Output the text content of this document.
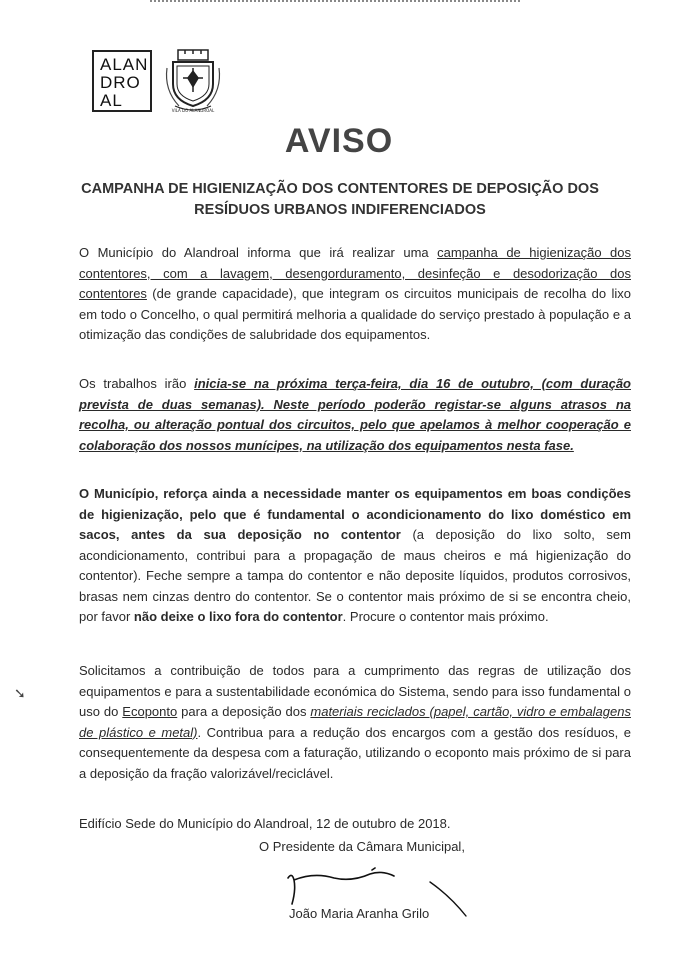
ALAN
DRO
AL
VILA DO ALANDROAL
AVISO
CAMPANHA DE HIGIENIZAÇÃO DOS CONTENTORES DE DEPOSIÇÃO DOS RESÍDUOS URBANOS INDIFERENCIADOS
O Município do Alandroal informa que irá realizar uma campanha de higienização dos contentores, com a lavagem, desengorduramento, desinfeção e desodorização dos contentores (de grande capacidade), que integram os circuitos municipais de recolha do lixo em todo o Concelho, o qual permitirá melhoria a qualidade do serviço prestado à população e a otimização das condições de salubridade dos equipamentos.
Os trabalhos irão inicia-se na próxima terça-feira, dia 16 de outubro, (com duração prevista de duas semanas). Neste período poderão registar-se alguns atrasos na recolha, ou alteração pontual dos circuitos, pelo que apelamos à melhor cooperação e colaboração dos nossos munícipes, na utilização dos equipamentos nesta fase.
O Município, reforça ainda a necessidade manter os equipamentos em boas condições de higienização, pelo que é fundamental o acondicionamento do lixo doméstico em sacos, antes da sua deposição no contentor (a deposição do lixo solto, sem acondicionamento, contribui para a propagação de maus cheiros e má higienização do contentor). Feche sempre a tampa do contentor e não deposite líquidos, produtos corrosivos, brasas nem cinzas dentro do contentor. Se o contentor mais próximo de si se encontra cheio, por favor não deixe o lixo fora do contentor. Procure o contentor mais próximo.
➘
Solicitamos a contribuição de todos para a cumprimento das regras de utilização dos equipamentos e para a sustentabilidade económica do Sistema, sendo para isso fundamental o uso do Ecoponto para a deposição dos materiais reciclados (papel, cartão, vidro e embalagens de plástico e metal). Contribua para a redução dos encargos com a gestão dos resíduos, e consequentemente da despesa com a faturação, utilizando o ecoponto mais próximo de si para a deposição da fração valorizável/reciclável.
Edifício Sede do Município do Alandroal, 12 de outubro de 2018.
O Presidente da Câmara Municipal,
João Maria Aranha Grilo
